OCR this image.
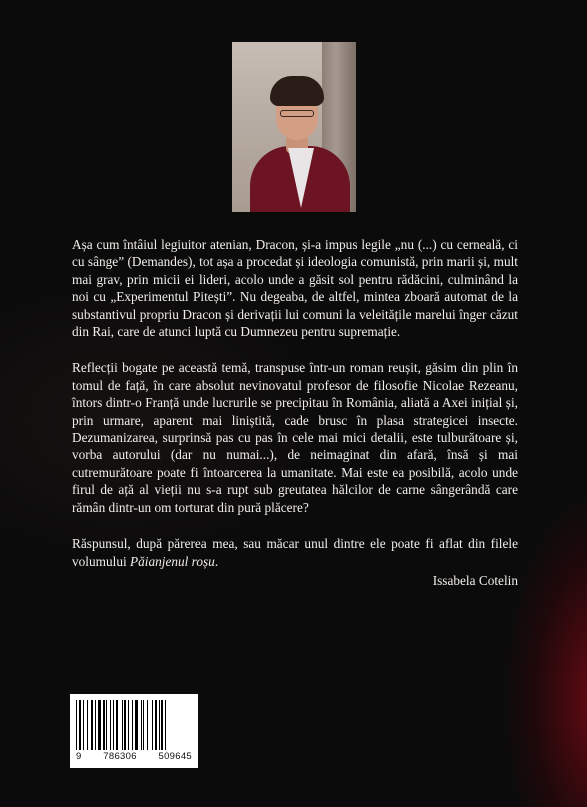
Așa cum întâiul legiuitor atenian, Dracon, și-a impus legile „nu (...) cu cerneală, ci cu sânge” (Demandes), tot așa a procedat și ideologia comunistă, prin marii și, mult mai grav, prin micii ei lideri, acolo unde a găsit sol pentru rădăcini, culminând la noi cu „Experimentul Pitești”. Nu degeaba, de altfel, mintea zboară automat de la substantivul propriu Dracon și derivații lui comuni la veleitățile marelui înger căzut din Rai, care de atunci luptă cu Dumnezeu pentru supremație.

Reflecții bogate pe această temă, transpuse într-un roman reușit, găsim din plin în tomul de față, în care absolut nevinovatul profesor de filosofie Nicolae Rezeanu, întors dintr-o Franță unde lucrurile se precipitau în România, aliată a Axei inițial și, prin urmare, aparent mai liniștită, cade brusc în plasa strategicei insecte. Dezumanizarea, surprinsă pas cu pas în cele mai mici detalii, este tulburătoare și, vorba autorului (dar nu numai...), de neimaginat din afară, însă și mai cutremurătoare poate fi întoarcerea la umanitate. Mai este ea posibilă, acolo unde firul de ață al vieții nu s-a rupt sub greutatea hălcilor de carne sângerândă care rămân dintr-un om torturat din pură plăcere?

Răspunsul, după părerea mea, sau măcar unul dintre ele poate fi aflat din filele volumului Păianjenul roșu.

Issabela Cotelin

9 786306 509645
